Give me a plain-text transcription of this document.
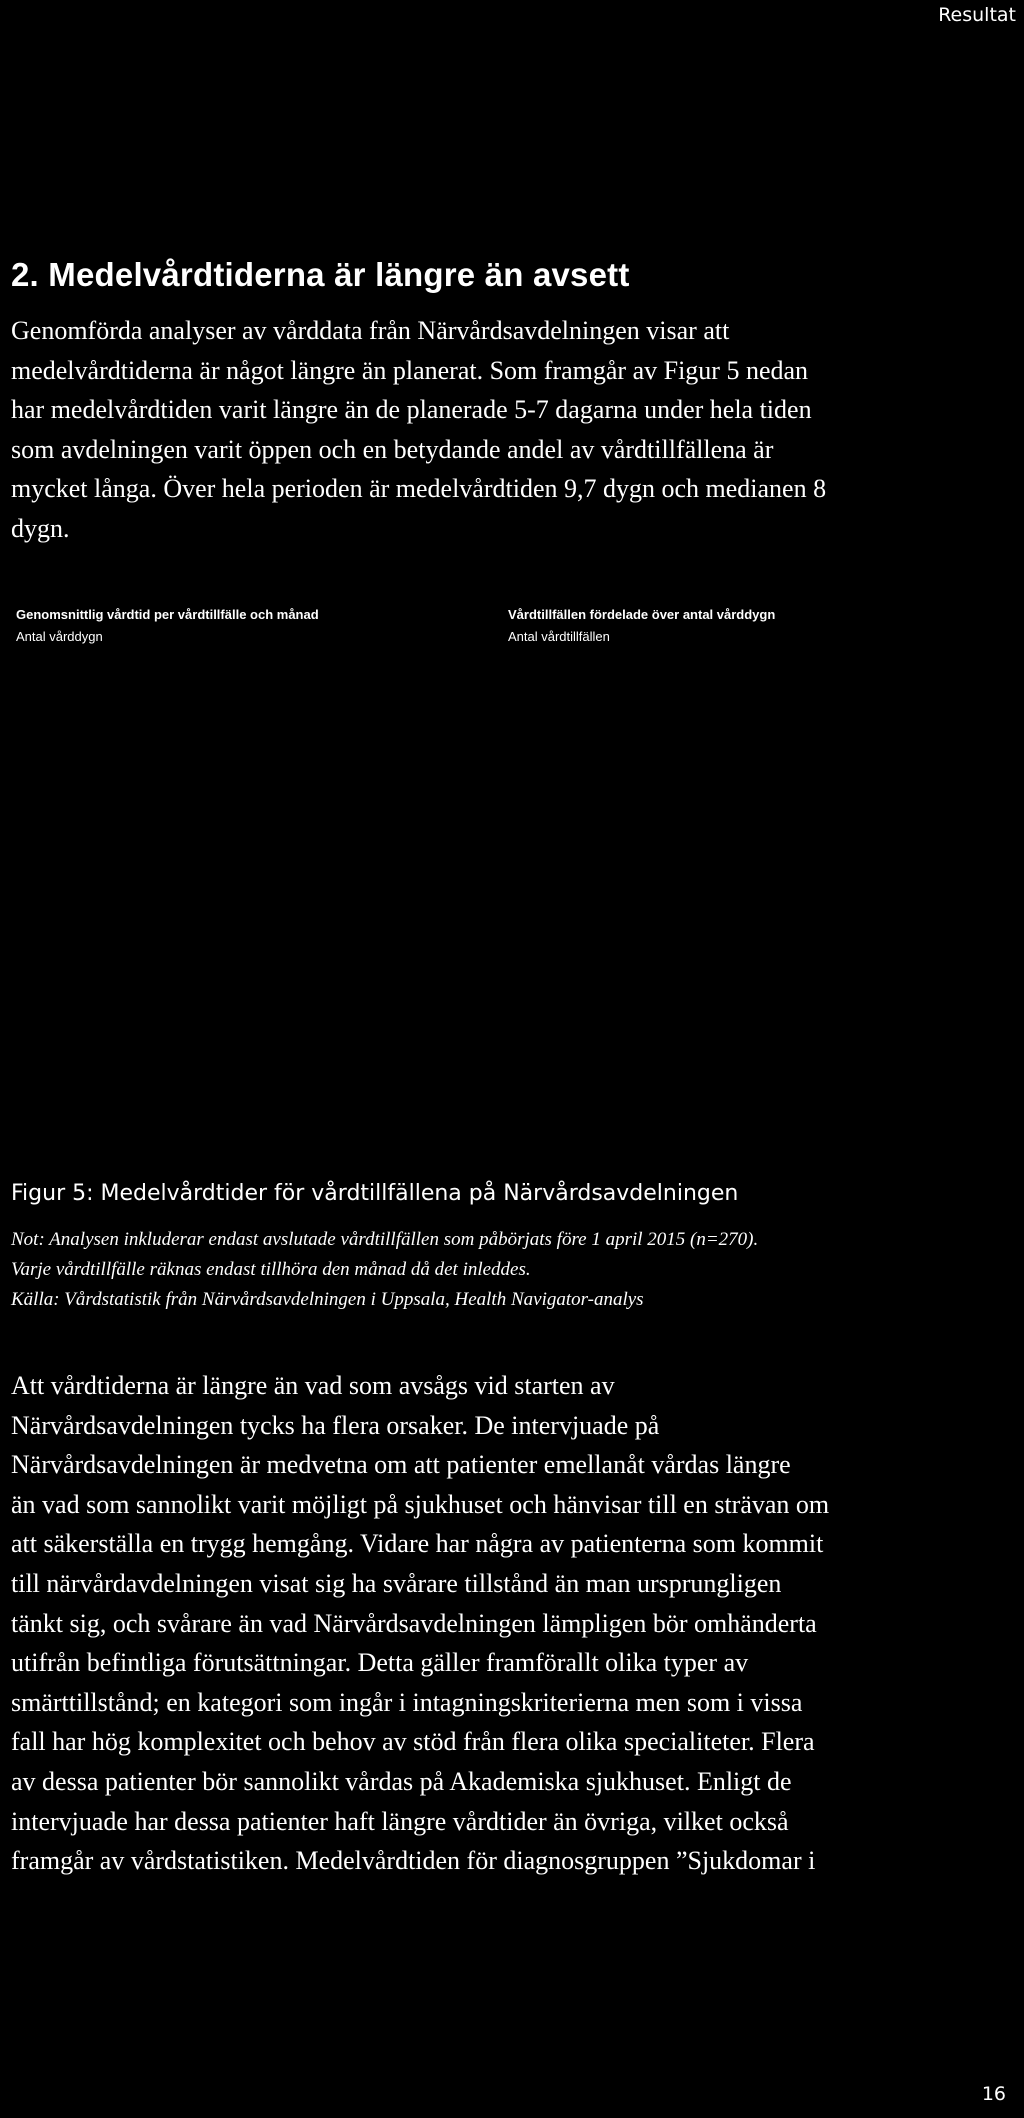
Resultat
2. Medelvårdtiderna är längre än avsett
Genomförda analyser av vårddata från Närvårdsavdelningen visar att
medelvårdtiderna är något längre än planerat. Som framgår av Figur 5 nedan
har medelvårdtiden varit längre än de planerade 5-7 dagarna under hela tiden
som avdelningen varit öppen och en betydande andel av vårdtillfällena är
mycket långa. Över hela perioden är medelvårdtiden 9,7 dygn och medianen 8
dygn.
Genomsnittlig vårdtid per vårdtillfälle och månad
Antal vårddygn
Vårdtillfällen fördelade över antal vårddygn
Antal vårdtillfällen
Figur 5: Medelvårdtider för vårdtillfällena på Närvårdsavdelningen
Not: Analysen inkluderar endast avslutade vårdtillfällen som påbörjats före 1 april 2015 (n=270).
Varje vårdtillfälle räknas endast tillhöra den månad då det inleddes.
Källa: Vårdstatistik från Närvårdsavdelningen i Uppsala, Health Navigator-analys
Att vårdtiderna är längre än vad som avsågs vid starten av
Närvårdsavdelningen tycks ha flera orsaker. De intervjuade på
Närvårdsavdelningen är medvetna om att patienter emellanåt vårdas längre
än vad som sannolikt varit möjligt på sjukhuset och hänvisar till en strävan om
att säkerställa en trygg hemgång. Vidare har några av patienterna som kommit
till närvårdavdelningen visat sig ha svårare tillstånd än man ursprungligen
tänkt sig, och svårare än vad Närvårdsavdelningen lämpligen bör omhänderta
utifrån befintliga förutsättningar. Detta gäller framförallt olika typer av
smärttillstånd; en kategori som ingår i intagningskriterierna men som i vissa
fall har hög komplexitet och behov av stöd från flera olika specialiteter. Flera
av dessa patienter bör sannolikt vårdas på Akademiska sjukhuset. Enligt de
intervjuade har dessa patienter haft längre vårdtider än övriga, vilket också
framgår av vårdstatistiken. Medelvårdtiden för diagnosgruppen ”Sjukdomar i
16
